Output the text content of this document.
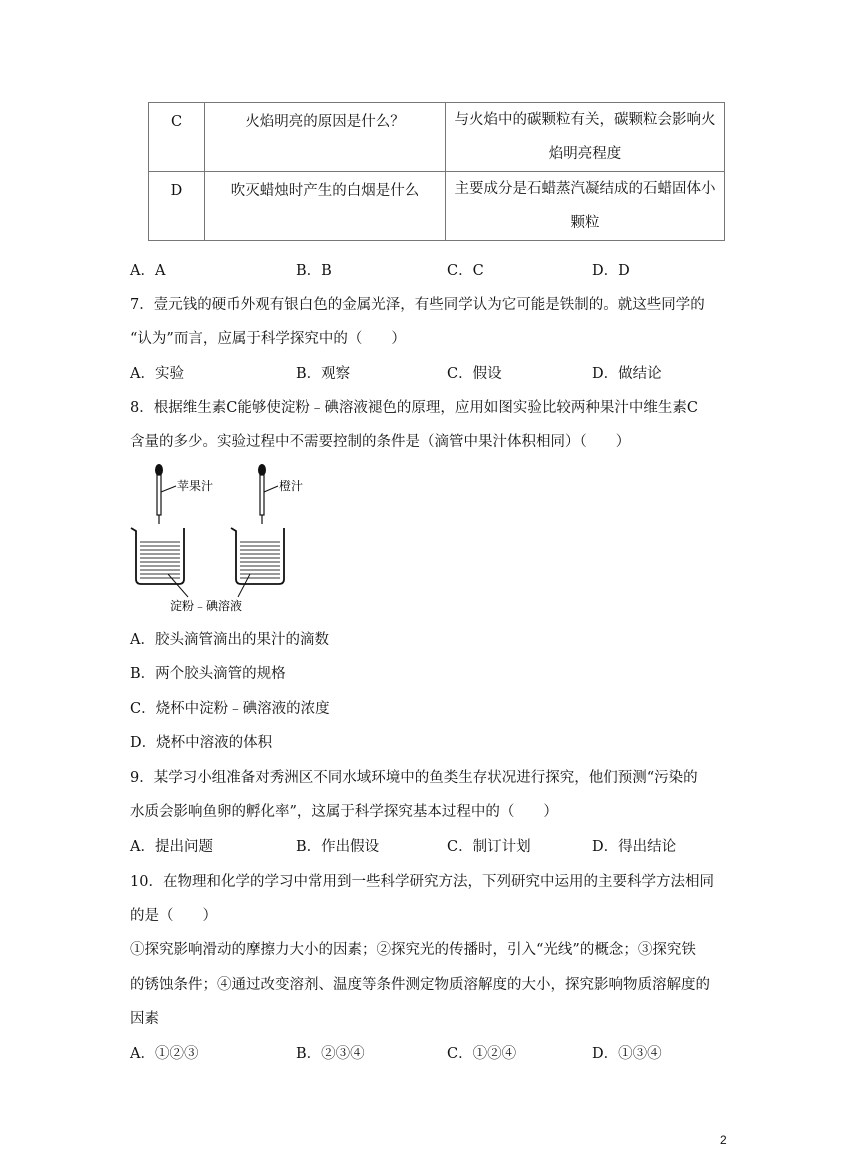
C	火焰明亮的原因是什么？	与火焰中的碳颗粒有关，碳颗粒会影响火
焰明亮程度

D	吹灭蜡烛时产生的白烟是什么	主要成分是石蜡蒸汽凝结成的石蜡固体小
颗粒
A．A	B．B	C．C	D．D
7．壹元钱的硬币外观有银白色的金属光泽，有些同学认为它可能是铁制的。就这些同学的
“认为”而言，应属于科学探究中的（　　）
A．实验	B．观察	C．假设	D．做结论
8．根据维生素C能够使淀粉﹣碘溶液褪色的原理，应用如图实验比较两种果汁中维生素C
含量的多少。实验过程中不需要控制的条件是（滴管中果汁体积相同）（　　）
苹果汁	橙汁
淀粉﹣碘溶液
A．胶头滴管滴出的果汁的滴数
B．两个胶头滴管的规格
C．烧杯中淀粉﹣碘溶液的浓度
D．烧杯中溶液的体积
9．某学习小组准备对秀洲区不同水域环境中的鱼类生存状况进行探究，他们预测“污染的
水质会影响鱼卵的孵化率”，这属于科学探究基本过程中的（　　）
A．提出问题	B．作出假设	C．制订计划	D．得出结论
10．在物理和化学的学习中常用到一些科学研究方法，下列研究中运用的主要科学方法相同
的是（　　）
①探究影响滑动的摩擦力大小的因素；②探究光的传播时，引入“光线”的概念；③探究铁
的锈蚀条件；④通过改变溶剂、温度等条件测定物质溶解度的大小，探究影响物质溶解度的
因素
A．①②③	B．②③④	C．①②④	D．①③④
2
